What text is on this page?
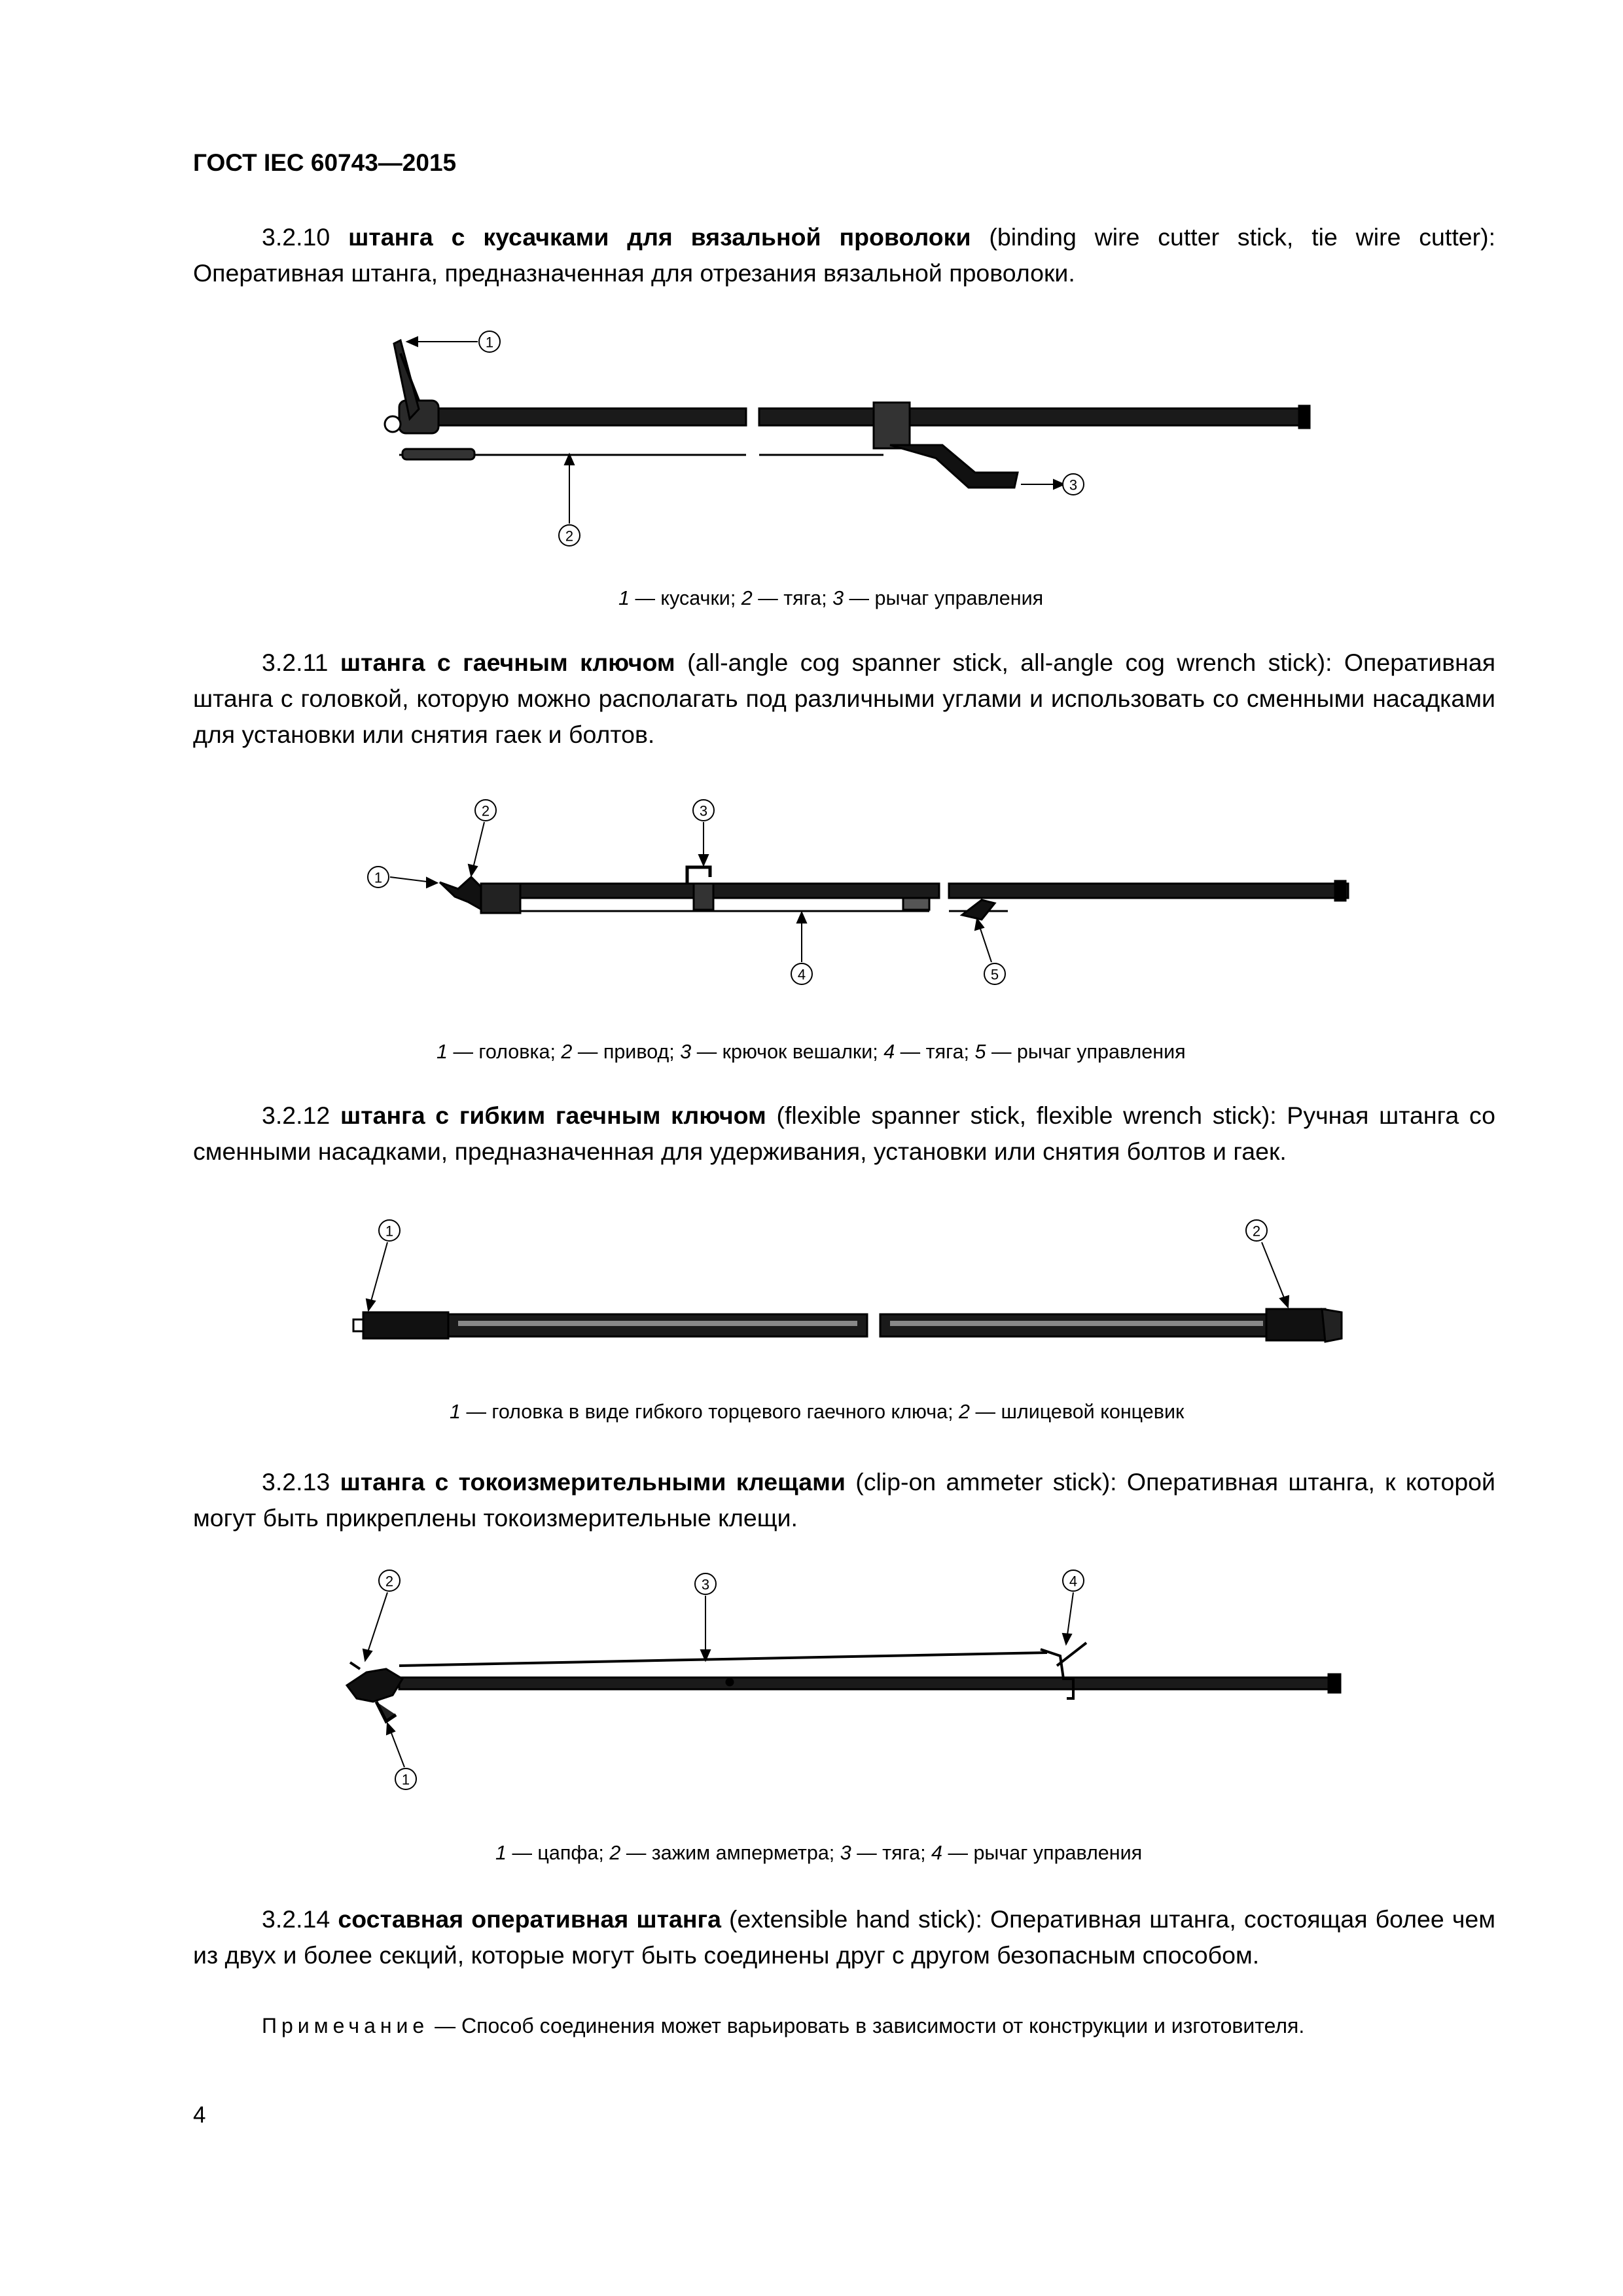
ГОСТ IEC 60743—2015
3.2.10 штанга с кусачками для вязальной проволоки (binding wire cutter stick, tie wire cutter): Оперативная штанга, предназначенная для отрезания вязальной проволоки.
1
2
3
1 — кусачки; 2 — тяга; 3 — рычаг управления
3.2.11 штанга с гаечным ключом (all-angle cog spanner stick, all-angle cog wrench stick): Оперативная штанга с головкой, которую можно располагать под различными углами и использовать со сменными насадками для установки или снятия гаек и болтов.
1
2	3
4	5
1 — головка; 2 — привод; 3 — крючок вешалки; 4 — тяга; 5 — рычаг управления
3.2.12 штанга с гибким гаечным ключом (flexible spanner stick, flexible wrench stick): Ручная штанга со сменными насадками, предназначенная для удерживания, установки или снятия болтов и гаек.
1	2
1 — головка в виде гибкого торцевого гаечного ключа; 2 — шлицевой концевик
3.2.13 штанга с токоизмерительными клещами (clip-on ammeter stick): Оперативная штанга, к которой могут быть прикреплены токоизмерительные клещи.
1
2	3	4
1 — цапфа; 2 — зажим амперметра; 3 — тяга; 4 — рычаг управления
3.2.14 составная оперативная штанга (extensible hand stick): Оперативная штанга, состоящая более чем из двух и более секций, которые могут быть соединены друг с другом безопасным способом.
Примечание — Способ соединения может варьировать в зависимости от конструкции и изготовителя.
4
